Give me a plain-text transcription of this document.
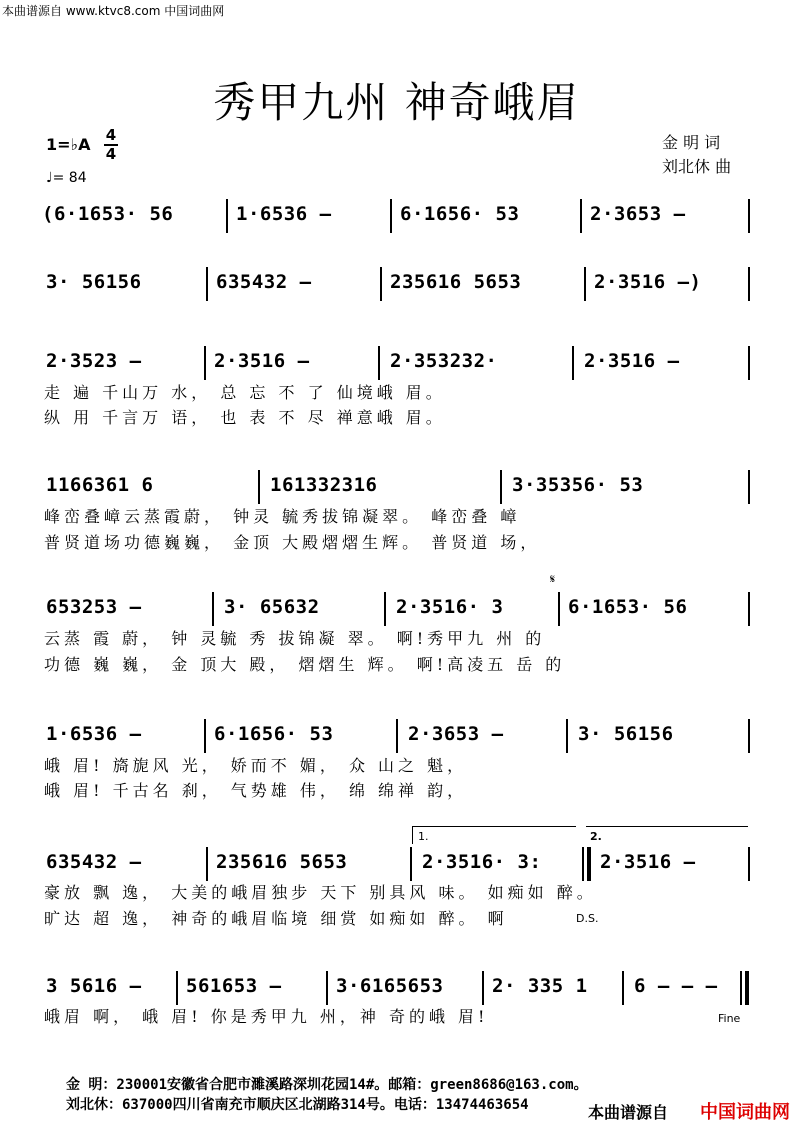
本曲谱源自 www.ktvc8.com 中国词曲网
秀甲九州 神奇峨眉
1=♭A 4
4
♩= 84
金 明 词
刘北休 曲
(6·1653· 56	1·6536 –	6·1656· 53	2·3653 –
3· 56156	635432 –	235616 5653	2·3516 –)
2·3523 –	2·3516 –	2·353232·	2·3516 –
走 遍 千山万 水， 总 忘 不 了 仙境峨 眉。
纵 用 千言万 语， 也 表 不 尽 禅意峨 眉。
1166361 6	161332316	3·35356· 53
峰峦叠嶂云蒸霞蔚， 钟灵 毓秀拔锦凝翠。 峰峦叠 嶂
普贤道场功德巍巍， 金顶 大殿熠熠生辉。 普贤道 场，
𝄋
653253 –	3· 65632	2·3516· 3	6·1653· 56
云蒸 霞 蔚， 钟 灵毓 秀 拔锦凝 翠。 啊!秀甲九 州 的
功德 巍 巍， 金 顶大 殿， 熠熠生 辉。 啊!高凌五 岳 的
1·6536 –	6·1656· 53	2·3653 –	3· 56156
峨 眉! 旖旎风 光， 娇而不 媚， 众 山之 魁，
峨 眉! 千古名 刹， 气势雄 伟， 绵 绵禅 韵，
1.	2.
635432 –	235616 5653	2·3516· 3:	2·3516 –
豪放 飘 逸， 大美的峨眉独步 天下 别具风 味。 如痴如 醉。
旷达 超 逸， 神奇的峨眉临境 细赏 如痴如 醉。 啊	D.S.
3 5616 – 561653 –	3·6165653	2· 335 1 6 – – –
峨眉 啊， 峨 眉! 你是秀甲九 州，神 奇的峨 眉!	Fine
金 明：230001安徽省合肥市濉溪路深圳花园14#。邮箱：green8686@163.com。
刘北休：637000四川省南充市顺庆区北湖路314号。电话：13474463654	本曲谱源自 中国词曲网
